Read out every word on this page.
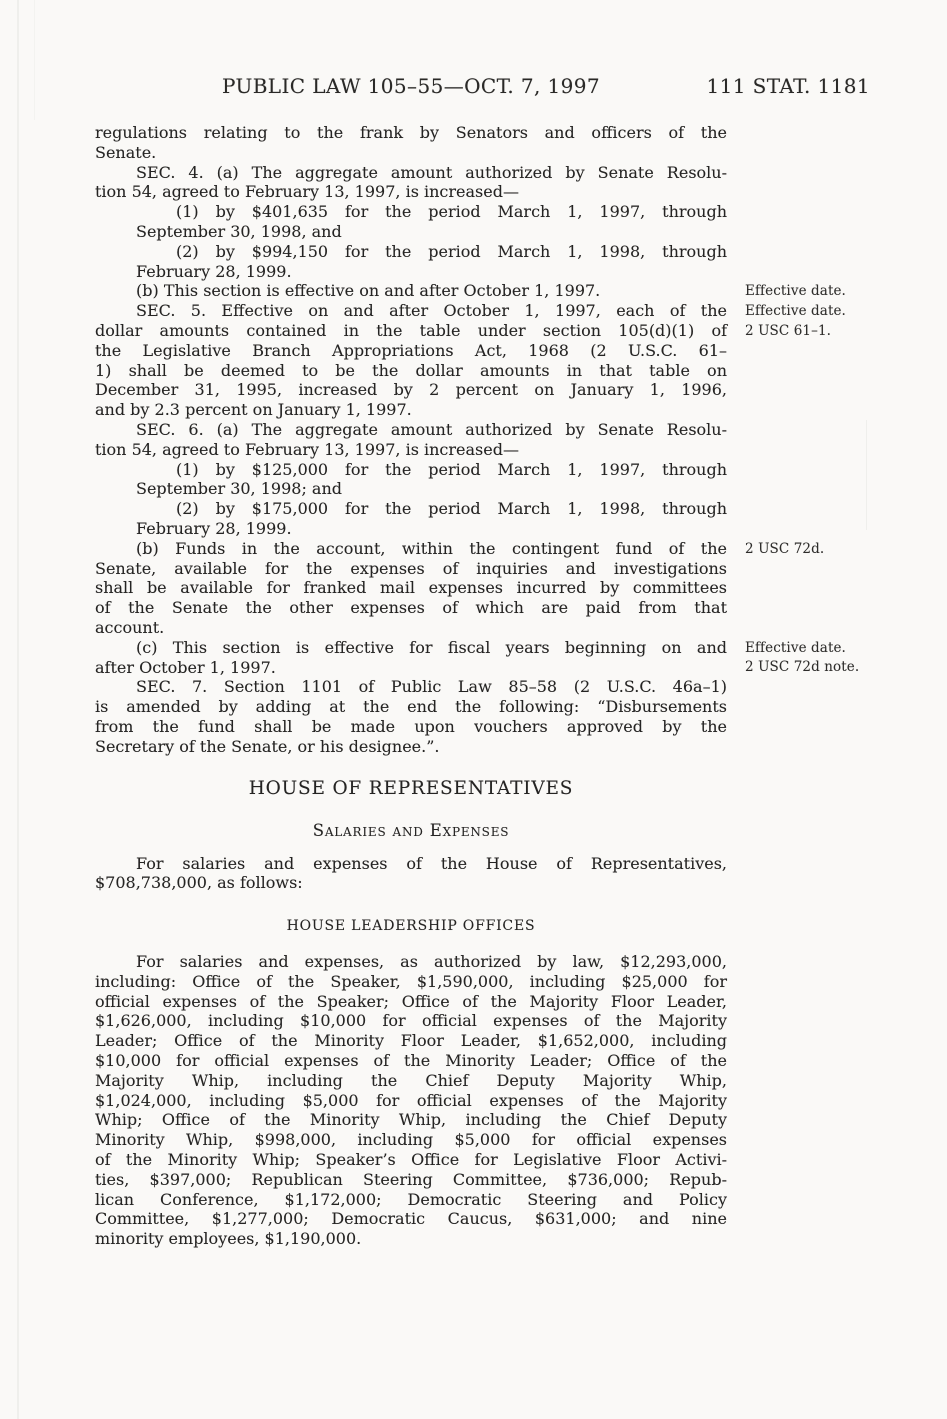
PUBLIC LAW 105–55—OCT. 7, 1997	111 STAT. 1181
regulations relating to the frank by Senators and officers of the
Senate.
SEC. 4. (a) The aggregate amount authorized by Senate Resolu-
tion 54, agreed to February 13, 1997, is increased—
(1) by $401,635 for the period March 1, 1997, through
September 30, 1998, and
(2) by $994,150 for the period March 1, 1998, through
February 28, 1999.
(b) This section is effective on and after October 1, 1997.	Effective date.
SEC. 5. Effective on and after October 1, 1997, each of the
dollar amounts contained in the table under section 105(d)(1) of
the Legislative Branch Appropriations Act, 1968 (2 U.S.C. 61–
1) shall be deemed to be the dollar amounts in that table on
December 31, 1995, increased by 2 percent on January 1, 1996,
and by 2.3 percent on January 1, 1997.
Effective date.
2 USC 61–1.
SEC. 6. (a) The aggregate amount authorized by Senate Resolu-
tion 54, agreed to February 13, 1997, is increased—
(1) by $125,000 for the period March 1, 1997, through
September 30, 1998; and
(2) by $175,000 for the period March 1, 1998, through
February 28, 1999.
(b) Funds in the account, within the contingent fund of the
Senate, available for the expenses of inquiries and investigations
shall be available for franked mail expenses incurred by committees
of the Senate the other expenses of which are paid from that
account.
2 USC 72d.
(c) This section is effective for fiscal years beginning on and
after October 1, 1997.
Effective date.
2 USC 72d note.
SEC. 7. Section 1101 of Public Law 85–58 (2 U.S.C. 46a–1)
is amended by adding at the end the following: “Disbursements
from the fund shall be made upon vouchers approved by the
Secretary of the Senate, or his designee.”.
HOUSE OF REPRESENTATIVES
Salaries and Expenses
For salaries and expenses of the House of Representatives,
$708,738,000, as follows:
HOUSE LEADERSHIP OFFICES
For salaries and expenses, as authorized by law, $12,293,000,
including: Office of the Speaker, $1,590,000, including $25,000 for
official expenses of the Speaker; Office of the Majority Floor Leader,
$1,626,000, including $10,000 for official expenses of the Majority
Leader; Office of the Minority Floor Leader, $1,652,000, including
$10,000 for official expenses of the Minority Leader; Office of the
Majority Whip, including the Chief Deputy Majority Whip,
$1,024,000, including $5,000 for official expenses of the Majority
Whip; Office of the Minority Whip, including the Chief Deputy
Minority Whip, $998,000, including $5,000 for official expenses
of the Minority Whip; Speaker’s Office for Legislative Floor Activi-
ties, $397,000; Republican Steering Committee, $736,000; Repub-
lican Conference, $1,172,000; Democratic Steering and Policy
Committee, $1,277,000; Democratic Caucus, $631,000; and nine
minority employees, $1,190,000.
